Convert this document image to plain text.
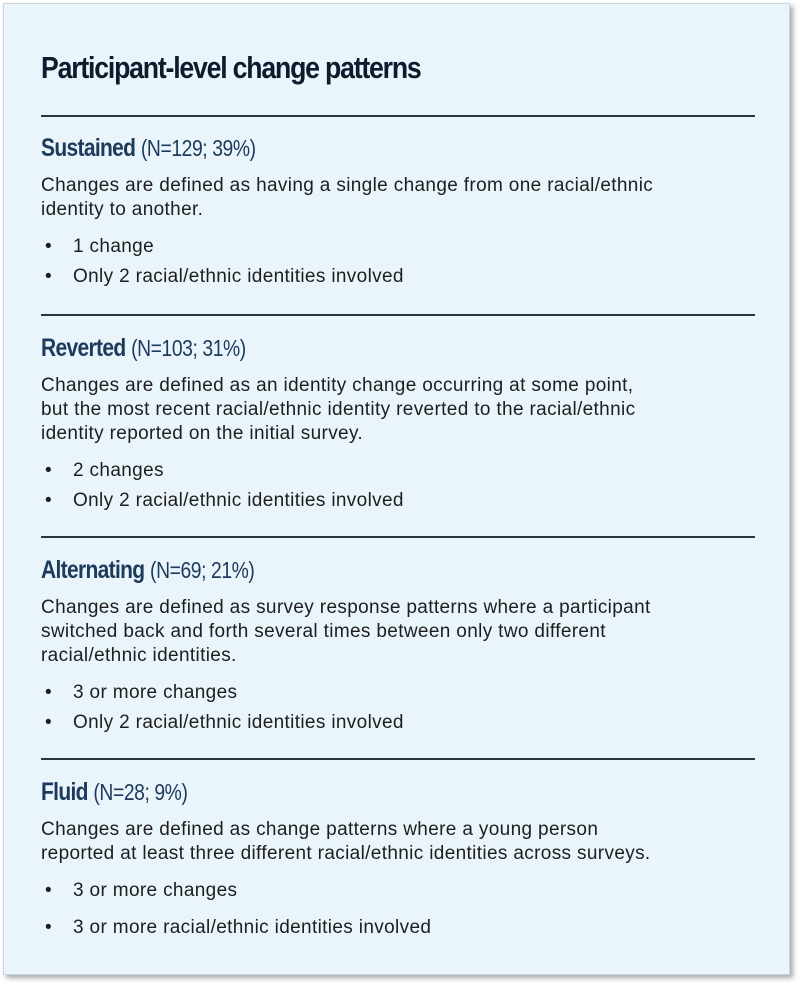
Participant-level change patterns
Sustained (N=129; 39%)

Changes are defined as having a single change from one racial/ethnic
identity to another.

• 1 change
• Only 2 racial/ethnic identities involved
Reverted (N=103; 31%)

Changes are defined as an identity change occurring at some point,
but the most recent racial/ethnic identity reverted to the racial/ethnic
identity reported on the initial survey.

• 2 changes
• Only 2 racial/ethnic identities involved
Alternating (N=69; 21%)

Changes are defined as survey response patterns where a participant
switched back and forth several times between only two different
racial/ethnic identities.

• 3 or more changes
• Only 2 racial/ethnic identities involved
Fluid (N=28; 9%)

Changes are defined as change patterns where a young person
reported at least three different racial/ethnic identities across surveys.

• 3 or more changes
• 3 or more racial/ethnic identities involved
